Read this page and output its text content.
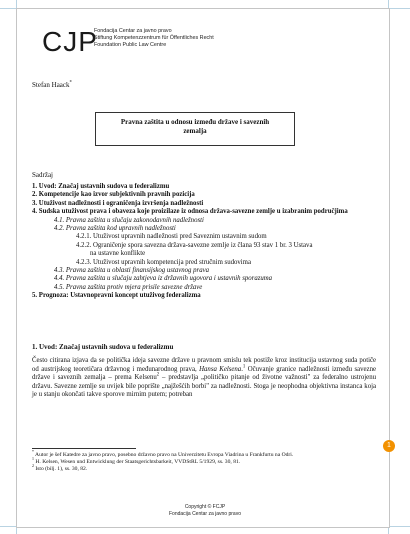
CJP
Fondacija Centar za javno pravo
Stiftung Kompetenzzentrum für Öffentliches Recht
Foundation Public Law Centre
Stefan Haack*
Pravna zaštita u odnosu između države i saveznih
zemalja
Sadržaj
1. Uvod: Značaj ustavnih sudova u federalizmu
2. Kompetencije kao izvor subjektivnih pravnih pozicija
3. Utuživost nadležnosti i ograničenja izvršenja nadležnosti
4. Sudska utuživost prava i obaveza koje proizilaze iz odnosa država-savezne zemlje u izabranim područjima
4.1. Pravna zaštita u slučaju zakonodavnih nadležnosti
4.2. Pravna zaštita kod upravnih nadležnosti
4.2.1. Utuživost upravnih nadležnosti pred Saveznim ustavnim sudom
4.2.2. Ograničenje spora savezna država-savezne zemlje iz člana 93 stav 1 br. 3 Ustava
na ustavne konflikte
4.2.3. Utuživost upravnih kompetencija pred stručnim sudovima
4.3. Pravna zaštita u oblasti finansijskog ustavnog prava
4.4. Pravna zaštita u slučaju zahtjeva iz državnih ugovora i ustavnih sporazuma
4.5. Pravna zaštita protiv mjera prisile savezne države
5. Prognoza: Ustavnopravni koncept utuživog federalizma
1. Uvod: Značaj ustavnih sudova u federalizmu
Često citirana izjava da se politička ideja savezne države u pravnom smislu tek postiže kroz institucija ustavnog suda potiče od austrijskog teoretičara državnog i međunarodnog prava, Hansa Kelsena.$^1$ Očuvanje granice nadležnosti između savezne države i saveznih zemalja – prema Kelsenu$^2$ – predstavlja „političko pitanje od životne važnosti" za federalno ustrojenu državu. Savezne zemlje su uvijek bile poprište „najžešćih borbi" za nadležnosti. Stoga je neophodna objektivna instanca koja je u stanju okončati takve sporove mirnim putem; potreban
* Autor je šef Katedre za javno pravo, posebno državno pravo na Univerzitetu Evropa Viadrina u Frankfurtu na Odri.
$^1$ H. Kelsen, Wesen und Entwicklung der Staatsgerichtsbarkeit, VVDStRL 5/1929, ss. 30, 81.
$^2$ Isto (bilj. 1), ss. 30, 82.
1
Copyright © FCJP
Fondacija Centar za javno pravo
